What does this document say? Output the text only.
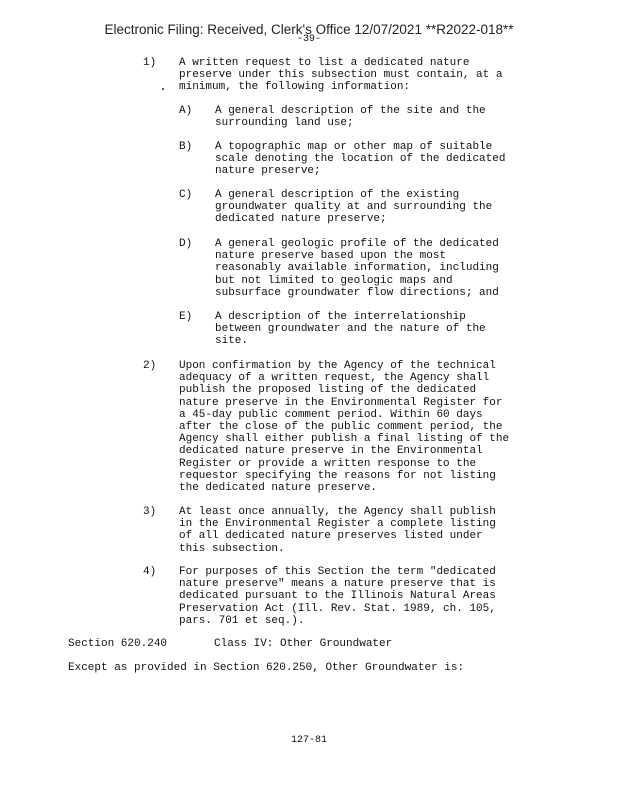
Electronic Filing: Received, Clerk's Office 12/07/2021 **R2022-018**
-39-
1) A written request to list a dedicated nature
preserve under this subsection must contain, at a
minimum, the following information:
A) A general description of the site and the
surrounding land use;
B) A topographic map or other map of suitable
scale denoting the location of the dedicated
nature preserve;
C) A general description of the existing
groundwater quality at and surrounding the
dedicated nature preserve;
D) A general geologic profile of the dedicated
nature preserve based upon the most
reasonably available information, including
but not limited to geologic maps and
subsurface groundwater flow directions; and
E) A description of the interrelationship
between groundwater and the nature of the
site.
2) Upon confirmation by the Agency of the technical
adequacy of a written request, the Agency shall
publish the proposed listing of the dedicated
nature preserve in the Environmental Register for
a 45-day public comment period. Within 60 days
after the close of the public comment period, the
Agency shall either publish a final listing of the
dedicated nature preserve in the Environmental
Register or provide a written response to the
requestor specifying the reasons for not listing
the dedicated nature preserve.
3) At least once annually, the Agency shall publish
in the Environmental Register a complete listing
of all dedicated nature preserves listed under
this subsection.
4) For purposes of this Section the term "dedicated
nature preserve" means a nature preserve that is
dedicated pursuant to the Illinois Natural Areas
Preservation Act (Ill. Rev. Stat. 1989, ch. 105,
pars. 701 et seq.).
Section 620.240	Class IV: Other Groundwater
Except as provided in Section 620.250, Other Groundwater is:
127-81
